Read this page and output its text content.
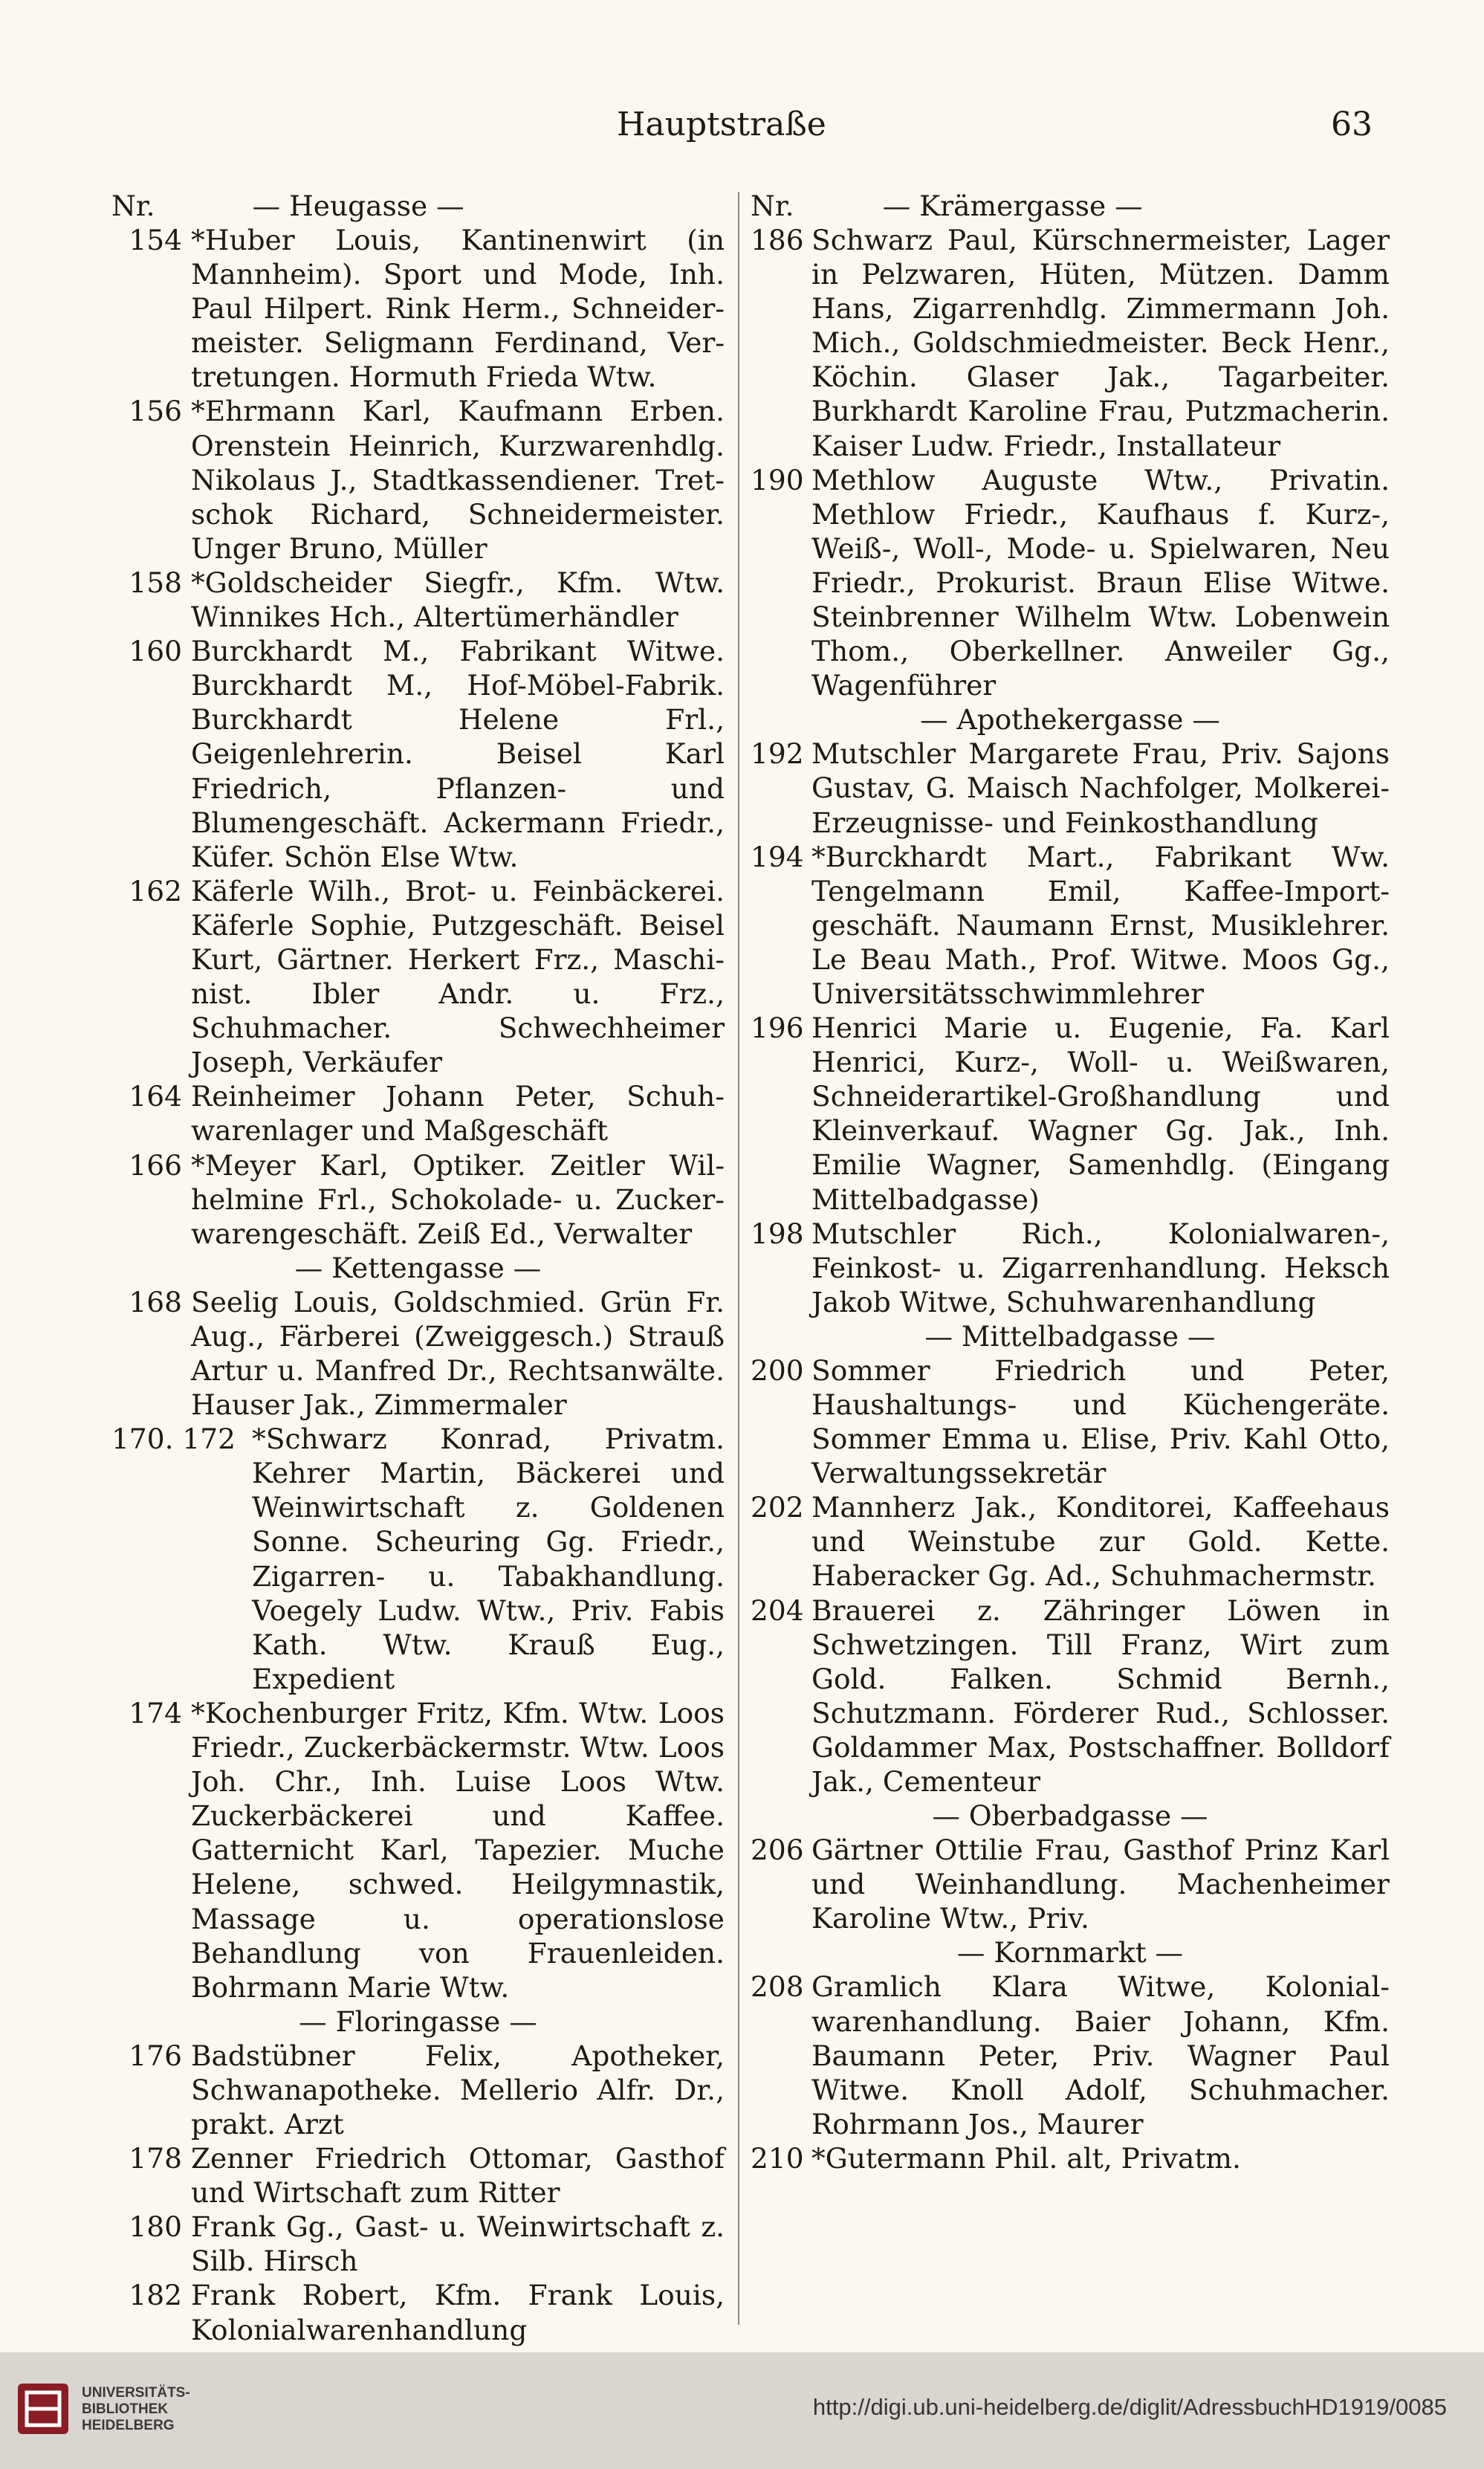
Hauptstraße	63
Nr.           — Heugasse —
154 *Huber Louis, Kantinenwirt (in Mannheim). Sport und Mode, Inh. Paul Hilpert. Rink Herm., Schneidermeister. Seligmann Ferdinand, Vertretungen. Hormuth Frieda Wtw.
156 *Ehrmann Karl, Kaufmann Erben. Orenstein Heinrich, Kurzwarenhdlg. Nikolaus J., Stadtkassendiener. Tretschok Richard, Schneidermeister. Unger Bruno, Müller
158 *Goldscheider Siegfr., Kfm. Wtw. Winnikes Hch., Altertümerhändler
160 Burckhardt M., Fabrikant Witwe. Burckhardt M., Hof-Möbel-Fabrik. Burckhardt Helene Frl., Geigenlehrerin. Beisel Karl Friedrich, Pflanzen- und Blumengeschäft. Ackermann Friedr., Küfer. Schön Else Wtw.
162 Käferle Wilh., Brot- u. Feinbäckerei. Käferle Sophie, Putzgeschäft. Beisel Kurt, Gärtner. Herkert Frz., Maschinist. Ibler Andr. u. Frz., Schuhmacher. Schwechheimer Joseph, Verkäufer
164 Reinheimer Johann Peter, Schuhwarenlager und Maßgeschäft
166 *Meyer Karl, Optiker. Zeitler Wilhelmine Frl., Schokolade- u. Zuckerwarengeschäft. Zeiß Ed., Verwalter
— Kettengasse —
168 Seelig Louis, Goldschmied. Grün Fr. Aug., Färberei (Zweiggesch.) Strauß Artur u. Manfred Dr., Rechtsanwälte. Hauser Jak., Zimmermaler
170. 172 *Schwarz Konrad, Privatm. Kehrer Martin, Bäckerei und Weinwirtschaft z. Goldenen Sonne. Scheuring Gg. Friedr., Zigarren- u. Tabakhandlung. Voegely Ludw. Wtw., Priv. Fabis Kath. Wtw. Krauß Eug., Expedient
174 *Kochenburger Fritz, Kfm. Wtw. Loos Friedr., Zuckerbäckermstr. Wtw. Loos Joh. Chr., Inh. Luise Loos Wtw. Zuckerbäckerei und Kaffee. Gatternicht Karl, Tapezier. Muche Helene, schwed. Heilgymnastik, Massage u. operationslose Behandlung von Frauenleiden. Bohrmann Marie Wtw.
— Floringasse —
176 Badstübner Felix, Apotheker, Schwanapotheke. Mellerio Alfr. Dr., prakt. Arzt
178 Zenner Friedrich Ottomar, Gasthof und Wirtschaft zum Ritter
180 Frank Gg., Gast- u. Weinwirtschaft z. Silb. Hirsch
182 Frank Robert, Kfm. Frank Louis, Kolonialwarenhandlung
Nr.          — Krämergasse —
186 Schwarz Paul, Kürschnermeister, Lager in Pelzwaren, Hüten, Mützen. Damm Hans, Zigarrenhdlg. Zimmermann Joh. Mich., Goldschmiedmeister. Beck Henr., Köchin. Glaser Jak., Tagarbeiter. Burkhardt Karoline Frau, Putzmacherin. Kaiser Ludw. Friedr., Installateur
190 Methlow Auguste Wtw., Privatin. Methlow Friedr., Kaufhaus f. Kurz-, Weiß-, Woll-, Mode- u. Spielwaren, Neu Friedr., Prokurist. Braun Elise Witwe. Steinbrenner Wilhelm Wtw. Lobenwein Thom., Oberkellner. Anweiler Gg., Wagenführer
— Apothekergasse —
192 Mutschler Margarete Frau, Priv. Sajons Gustav, G. Maisch Nachfolger, Molkerei-Erzeugnisse- und Feinkosthandlung
194 *Burckhardt Mart., Fabrikant Ww. Tengelmann Emil, Kaffee-Importgeschäft. Naumann Ernst, Musiklehrer. Le Beau Math., Prof. Witwe. Moos Gg., Universitätsschwimmlehrer
196 Henrici Marie u. Eugenie, Fa. Karl Henrici, Kurz-, Woll- u. Weißwaren, Schneiderartikel-Großhandlung und Kleinverkauf. Wagner Gg. Jak., Inh. Emilie Wagner, Samenhdlg. (Eingang Mittelbadgasse)
198 Mutschler Rich., Kolonialwaren-, Feinkost- u. Zigarrenhandlung. Heksch Jakob Witwe, Schuhwarenhandlung
— Mittelbadgasse —
200 Sommer Friedrich und Peter, Haushaltungs- und Küchengeräte. Sommer Emma u. Elise, Priv. Kahl Otto, Verwaltungssekretär
202 Mannherz Jak., Konditorei, Kaffeehaus und Weinstube zur Gold. Kette. Haberacker Gg. Ad., Schuhmachermstr.
204 Brauerei z. Zähringer Löwen in Schwetzingen. Till Franz, Wirt zum Gold. Falken. Schmid Bernh., Schutzmann. Förderer Rud., Schlosser. Goldammer Max, Postschaffner. Bolldorf Jak., Cementeur
— Oberbadgasse —
206 Gärtner Ottilie Frau, Gasthof Prinz Karl und Weinhandlung. Machenheimer Karoline Wtw., Priv.
— Kornmarkt —
208 Gramlich Klara Witwe, Kolonialwarenhandlung. Baier Johann, Kfm. Baumann Peter, Priv. Wagner Paul Witwe. Knoll Adolf, Schuhmacher. Rohrmann Jos., Maurer
210 *Gutermann Phil. alt, Privatm.
UNIVERSITÄTS-
BIBLIOTHEK
HEIDELBERG
http://digi.ub.uni-heidelberg.de/diglit/AdressbuchHD1919/0085
